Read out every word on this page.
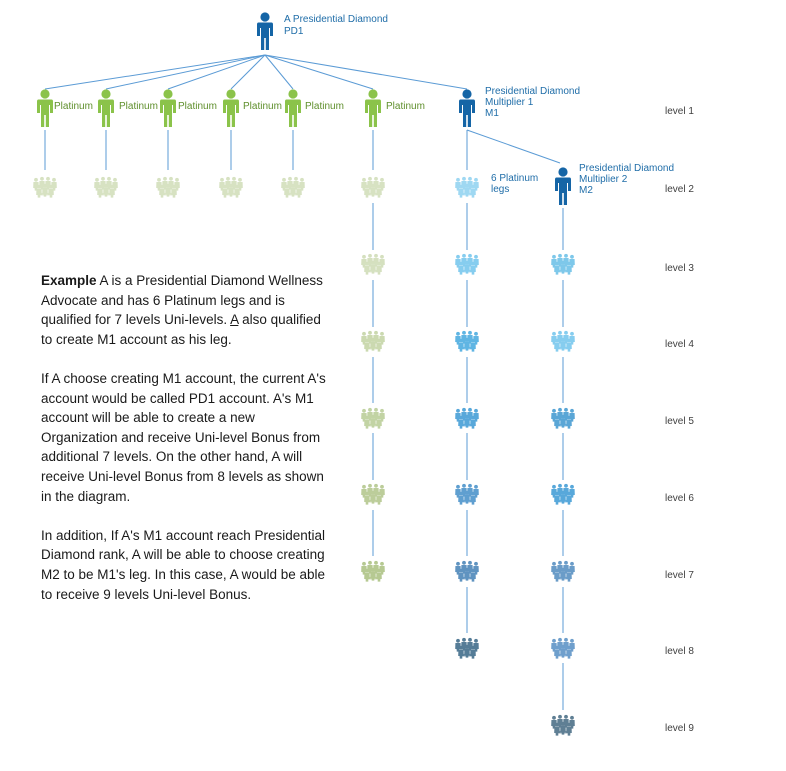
A Presidential Diamond
PD1
Platinum	Platinum Platinum	Platinum Platinum	Platinum
Presidential Diamond
Multiplier 1
M1
Presidential Diamond
Multiplier 2
M2
6 Platinum
legs
level 1
level 2
level 3
level 4
level 5
level 6
level 7
level 8
level 9

Example A is a Presidential Diamond Wellness Advocate and has 6 Platinum legs and is qualified for 7 levels Uni-levels. A also qualified to create M1 account as his leg.

If A choose creating M1 account, the current A's account would be called PD1 account. A's M1 account will be able to create a new Organization and receive Uni-level Bonus from additional 7 levels. On the other hand, A will receive Uni-level Bonus from 8 levels as shown in the diagram.

In addition, If A's M1 account reach Presidential Diamond rank, A will be able to choose creating M2 to be M1's leg. In this case, A would be able to receive 9 levels Uni-level Bonus.
